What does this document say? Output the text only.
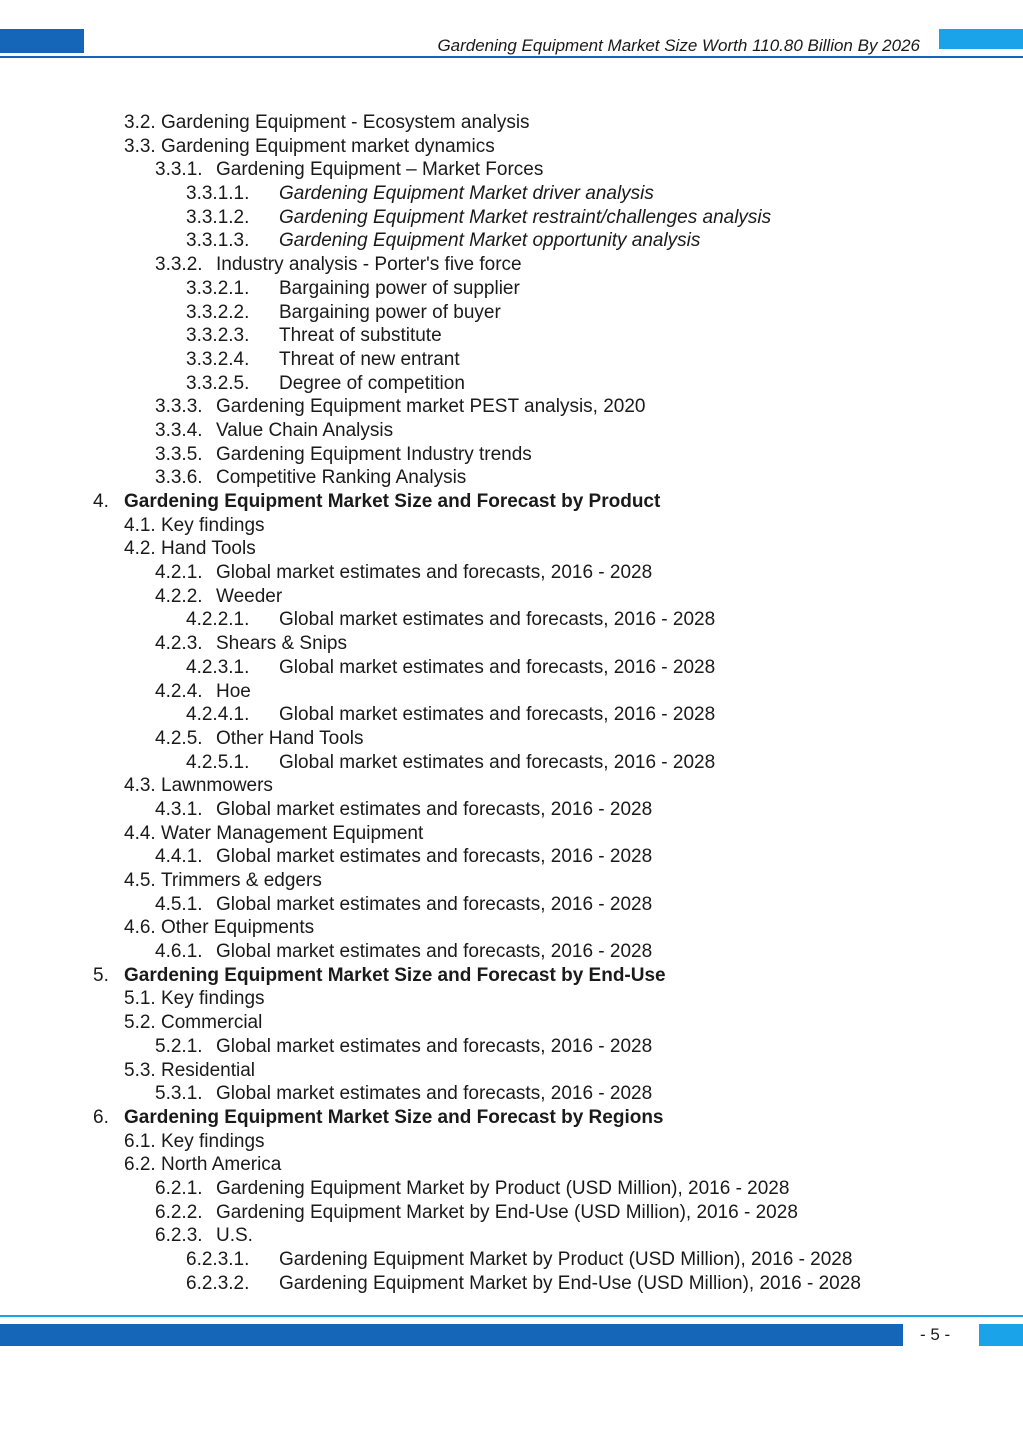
Gardening Equipment Market Size Worth 110.80 Billion By 2026
3.2. Gardening Equipment - Ecosystem analysis
3.3. Gardening Equipment market dynamics
3.3.1. Gardening Equipment – Market Forces
3.3.1.1. Gardening Equipment Market driver analysis
3.3.1.2. Gardening Equipment Market restraint/challenges analysis
3.3.1.3. Gardening Equipment Market opportunity analysis
3.3.2. Industry analysis - Porter's five force
3.3.2.1. Bargaining power of supplier
3.3.2.2. Bargaining power of buyer
3.3.2.3. Threat of substitute
3.3.2.4. Threat of new entrant
3.3.2.5. Degree of competition
3.3.3. Gardening Equipment market PEST analysis, 2020
3.3.4. Value Chain Analysis
3.3.5. Gardening Equipment Industry trends
3.3.6. Competitive Ranking Analysis
4. Gardening Equipment Market Size and Forecast by Product
4.1. Key findings
4.2. Hand Tools
4.2.1. Global market estimates and forecasts, 2016 - 2028
4.2.2. Weeder
4.2.2.1. Global market estimates and forecasts, 2016 - 2028
4.2.3. Shears & Snips
4.2.3.1. Global market estimates and forecasts, 2016 - 2028
4.2.4. Hoe
4.2.4.1. Global market estimates and forecasts, 2016 - 2028
4.2.5. Other Hand Tools
4.2.5.1. Global market estimates and forecasts, 2016 - 2028
4.3. Lawnmowers
4.3.1. Global market estimates and forecasts, 2016 - 2028
4.4. Water Management Equipment
4.4.1. Global market estimates and forecasts, 2016 - 2028
4.5. Trimmers & edgers
4.5.1. Global market estimates and forecasts, 2016 - 2028
4.6. Other Equipments
4.6.1. Global market estimates and forecasts, 2016 - 2028
5. Gardening Equipment Market Size and Forecast by End-Use
5.1. Key findings
5.2. Commercial
5.2.1. Global market estimates and forecasts, 2016 - 2028
5.3. Residential
5.3.1. Global market estimates and forecasts, 2016 - 2028
6. Gardening Equipment Market Size and Forecast by Regions
6.1. Key findings
6.2. North America
6.2.1. Gardening Equipment Market by Product (USD Million), 2016 - 2028
6.2.2. Gardening Equipment Market by End-Use (USD Million), 2016 - 2028
6.2.3. U.S.
6.2.3.1. Gardening Equipment Market by Product (USD Million), 2016 - 2028
6.2.3.2. Gardening Equipment Market by End-Use (USD Million), 2016 - 2028
- 5 -
